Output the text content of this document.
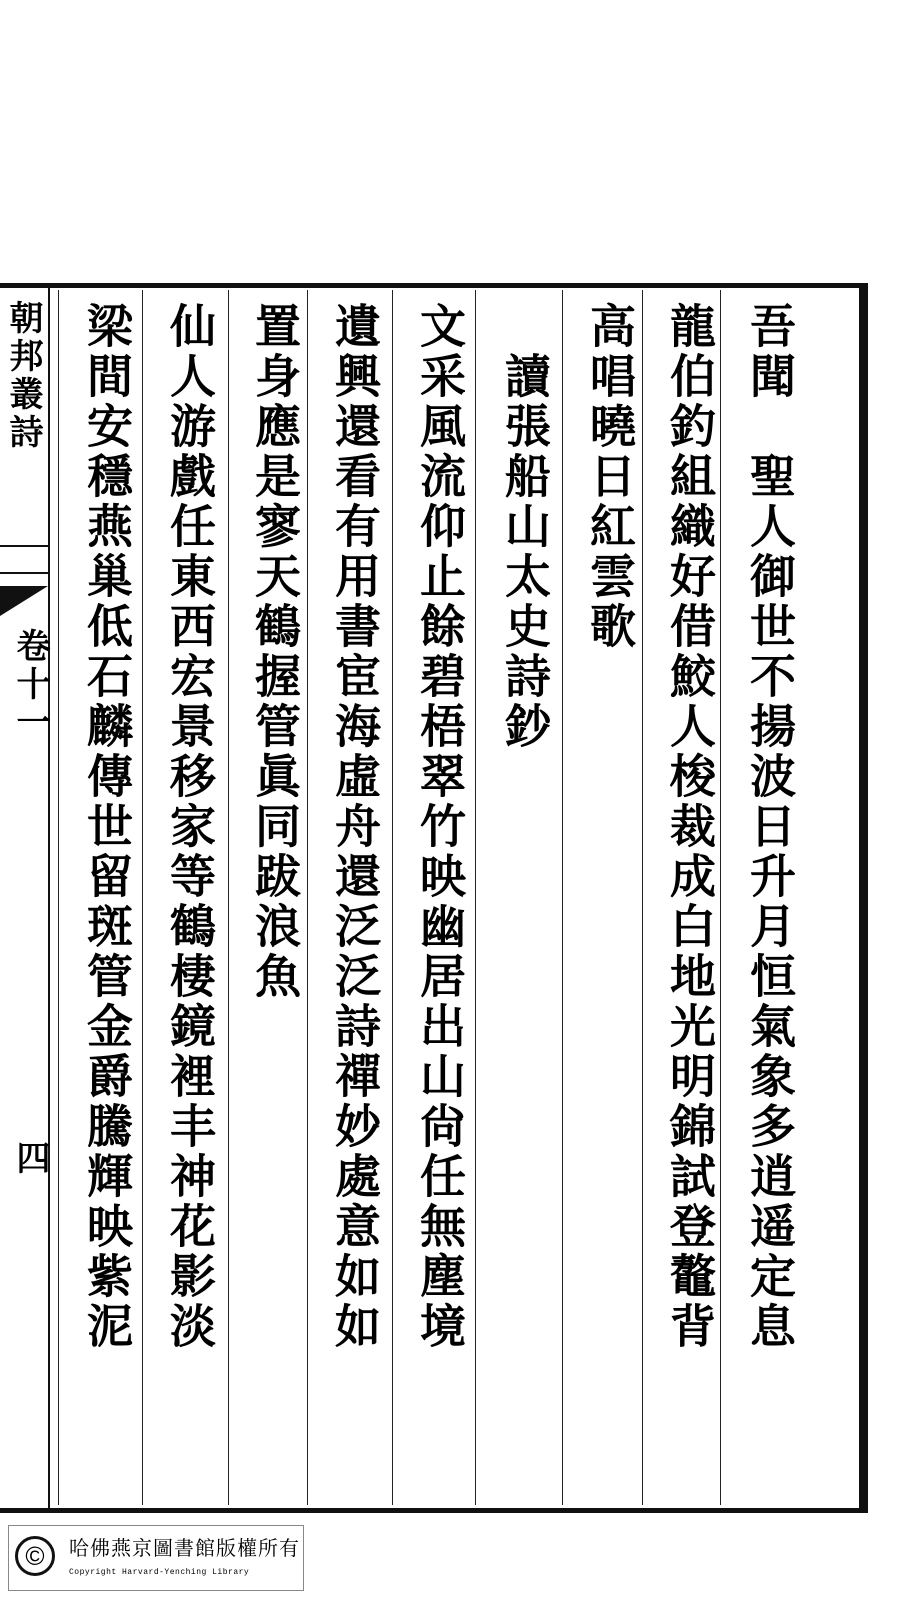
朝邦叢詩
卷十一
四	吾聞　聖人御世不揚波日升月恒氣象多逍遥定息
龍伯釣組織好借鮫人梭裁成白地光明錦試登鼇背
高唱曉日紅雲歌
　讀張船山太史詩鈔
文采風流仰止餘碧梧翠竹映幽居出山尙任無塵境
遺興還看有用書宦海虛舟還泛泛詩禪妙處意如如
置身應是寥天鶴握管眞同跋浪魚
仙人游戲任東西宏景移家等鶴棲鏡裡丰神花影淡
梁間安穩燕巢低石麟傳世留斑管金爵騰輝映紫泥
©	哈佛燕京圖書館版權所有
Copyright Harvard-Yenching Library
